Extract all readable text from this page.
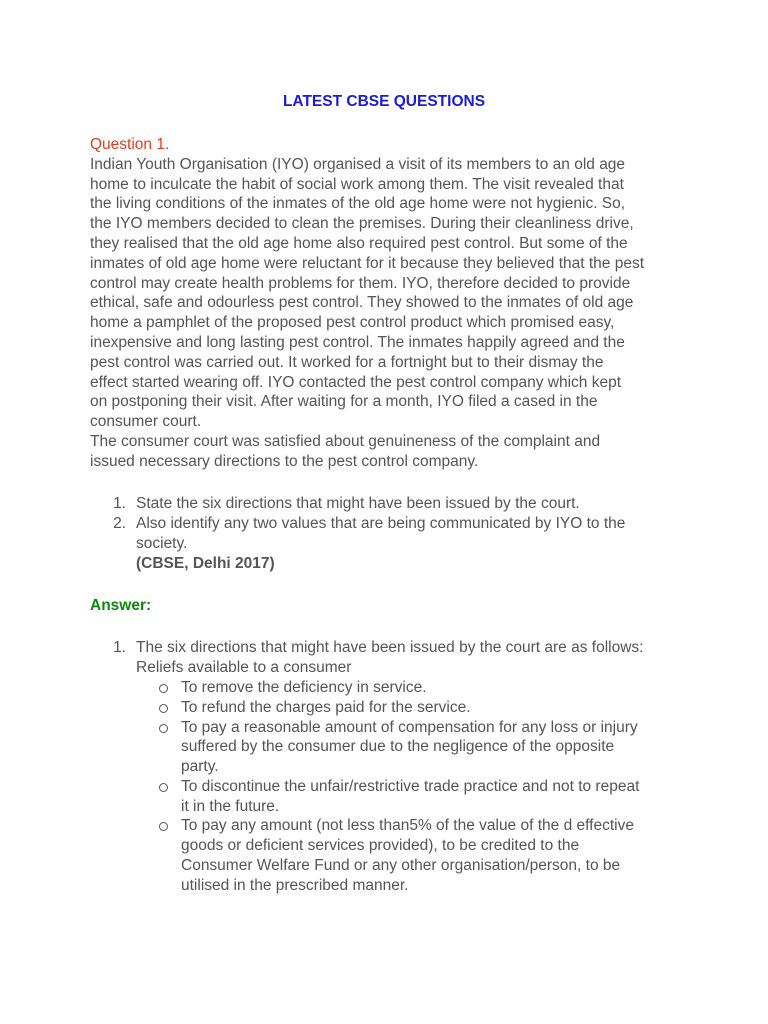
LATEST CBSE QUESTIONS
Question 1.
Indian Youth Organisation (IYO) organised a visit of its members to an old age
home to inculcate the habit of social work among them. The visit revealed that
the living conditions of the inmates of the old age home were not hygienic. So,
the IYO members decided to clean the premises. During their cleanliness drive,
they realised that the old age home also required pest control. But some of the
inmates of old age home were reluctant for it because they believed that the pest
control may create health problems for them. IYO, therefore decided to provide
ethical, safe and odourless pest control. They showed to the inmates of old age
home a pamphlet of the proposed pest control product which promised easy,
inexpensive and long lasting pest control. The inmates happily agreed and the
pest control was carried out. It worked for a fortnight but to their dismay the
effect started wearing off. IYO contacted the pest control company which kept
on postponing their visit. After waiting for a month, IYO filed a cased in the
consumer court.
The consumer court was satisfied about genuineness of the complaint and
issued necessary directions to the pest control company.
1. State the six directions that might have been issued by the court.
2. Also identify any two values that are being communicated by IYO to the
society.
(CBSE, Delhi 2017)
Answer:
1. The six directions that might have been issued by the court are as follows:
Reliefs available to a consumer
To remove the deficiency in service.
To refund the charges paid for the service.
To pay a reasonable amount of compensation for any loss or injury
suffered by the consumer due to the negligence of the opposite
party.
To discontinue the unfair/restrictive trade practice and not to repeat
it in the future.
To pay any amount (not less than5% of the value of the d effective
goods or deficient services provided), to be credited to the
Consumer Welfare Fund or any other organisation/person, to be
utilised in the prescribed manner.
